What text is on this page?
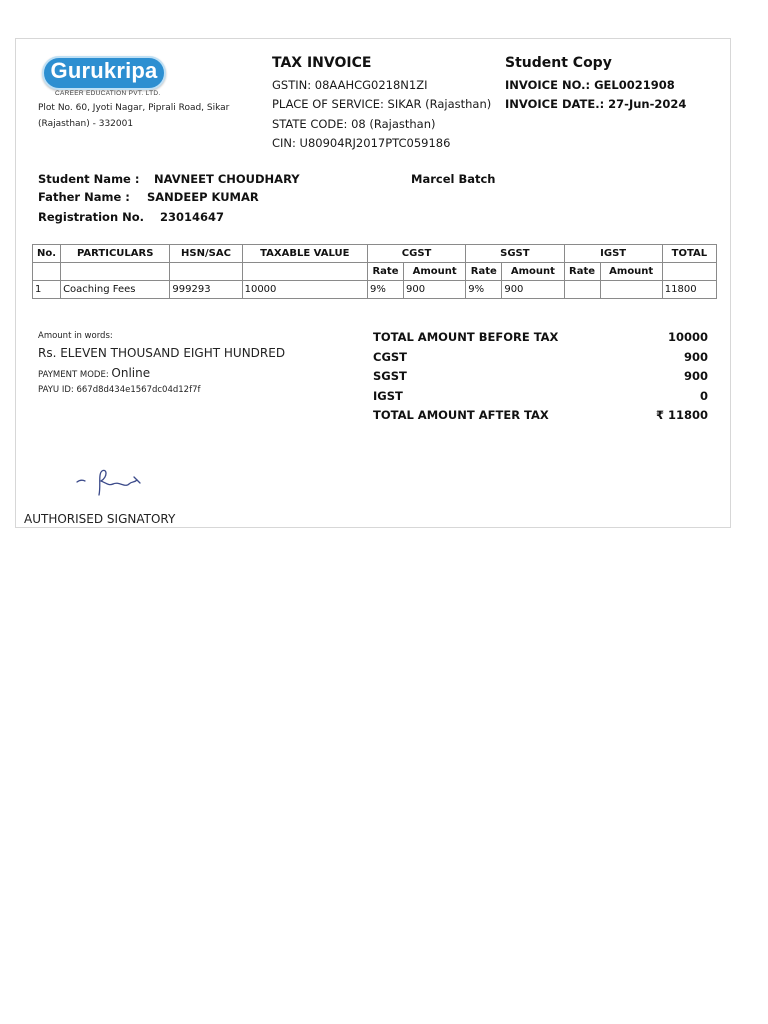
Gurukripa
CAREER EDUCATION PVT. LTD.
Plot No. 60, Jyoti Nagar, Piprali Road, Sikar
(Rajasthan) - 332001
TAX INVOICE
GSTIN: 08AAHCG0218N1ZI
PLACE OF SERVICE: SIKAR (Rajasthan)
STATE CODE: 08 (Rajasthan)
CIN: U80904RJ2017PTC059186
Student Copy
INVOICE NO.: GEL0021908
INVOICE DATE.: 27-Jun-2024
Student Name : NAVNEET CHOUDHARY	Marcel Batch
Father Name : SANDEEP KUMAR
Registration No. 23014647
No.	PARTICULARS	HSN/SAC	TAXABLE VALUE	CGST		SGST		IGST		TOTAL
				Rate	Amount	Rate	Amount	Rate	Amount	
1	Coaching Fees	999293	10000	9%	900	9%	900			11800
Amount in words:
Rs. ELEVEN THOUSAND EIGHT HUNDRED
PAYMENT MODE: Online
PAYU ID: 667d8d434e1567dc04d12f7f
TOTAL AMOUNT BEFORE TAX	10000
CGST	900
SGST	900
IGST	0
TOTAL AMOUNT AFTER TAX	₹ 11800
AUTHORISED SIGNATORY
